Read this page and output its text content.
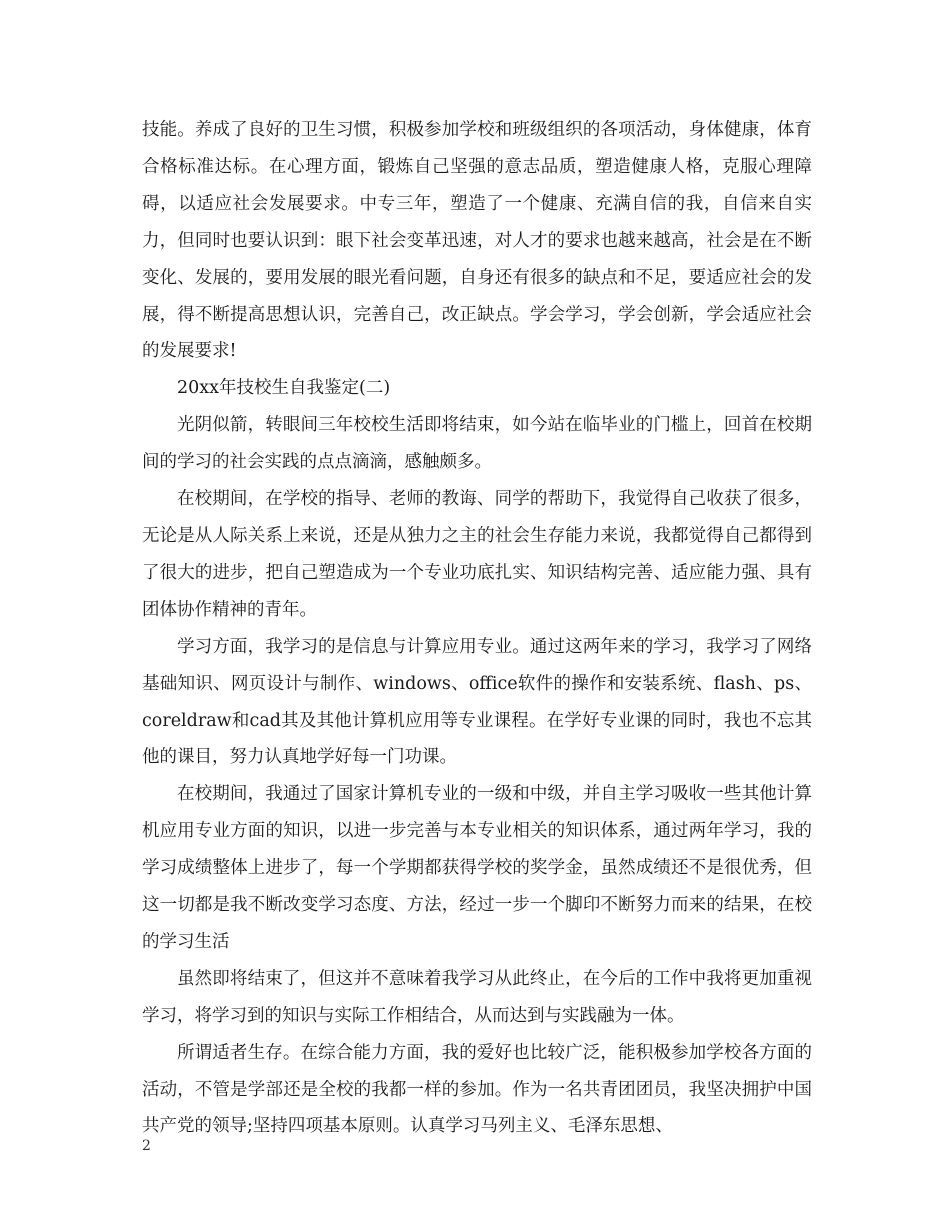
技能。养成了良好的卫生习惯，积极参加学校和班级组织的各项活动，身体健康，体育合格标准达标。在心理方面，锻炼自己坚强的意志品质，塑造健康人格，克服心理障碍，以适应社会发展要求。中专三年，塑造了一个健康、充满自信的我，自信来自实力，但同时也要认识到：眼下社会变革迅速，对人才的要求也越来越高，社会是在不断变化、发展的，要用发展的眼光看问题，自身还有很多的缺点和不足，要适应社会的发展，得不断提高思想认识，完善自己，改正缺点。学会学习，学会创新，学会适应社会的发展要求!

20xx年技校生自我鉴定(二)

光阴似箭，转眼间三年校校生活即将结束，如今站在临毕业的门槛上，回首在校期间的学习的社会实践的点点滴滴，感触颇多。

在校期间，在学校的指导、老师的教诲、同学的帮助下，我觉得自己收获了很多，无论是从人际关系上来说，还是从独力之主的社会生存能力来说，我都觉得自己都得到了很大的进步，把自己塑造成为一个专业功底扎实、知识结构完善、适应能力强、具有团体协作精神的青年。

学习方面，我学习的是信息与计算应用专业。通过这两年来的学习，我学习了网络基础知识、网页设计与制作、windows、office软件的操作和安装系统、flash、ps、coreldraw和cad其及其他计算机应用等专业课程。在学好专业课的同时，我也不忘其他的课目，努力认真地学好每一门功课。

在校期间，我通过了国家计算机专业的一级和中级，并自主学习吸收一些其他计算机应用专业方面的知识，以进一步完善与本专业相关的知识体系，通过两年学习，我的学习成绩整体上进步了，每一个学期都获得学校的奖学金，虽然成绩还不是很优秀，但这一切都是我不断改变学习态度、方法，经过一步一个脚印不断努力而来的结果，在校的学习生活

虽然即将结束了，但这并不意味着我学习从此终止，在今后的工作中我将更加重视学习，将学习到的知识与实际工作相结合，从而达到与实践融为一体。

所谓适者生存。在综合能力方面，我的爱好也比较广泛，能积极参加学校各方面的活动，不管是学部还是全校的我都一样的参加。作为一名共青团团员，我坚决拥护中国共产党的领导;坚持四项基本原则。认真学习马列主义、毛泽东思想、

2
